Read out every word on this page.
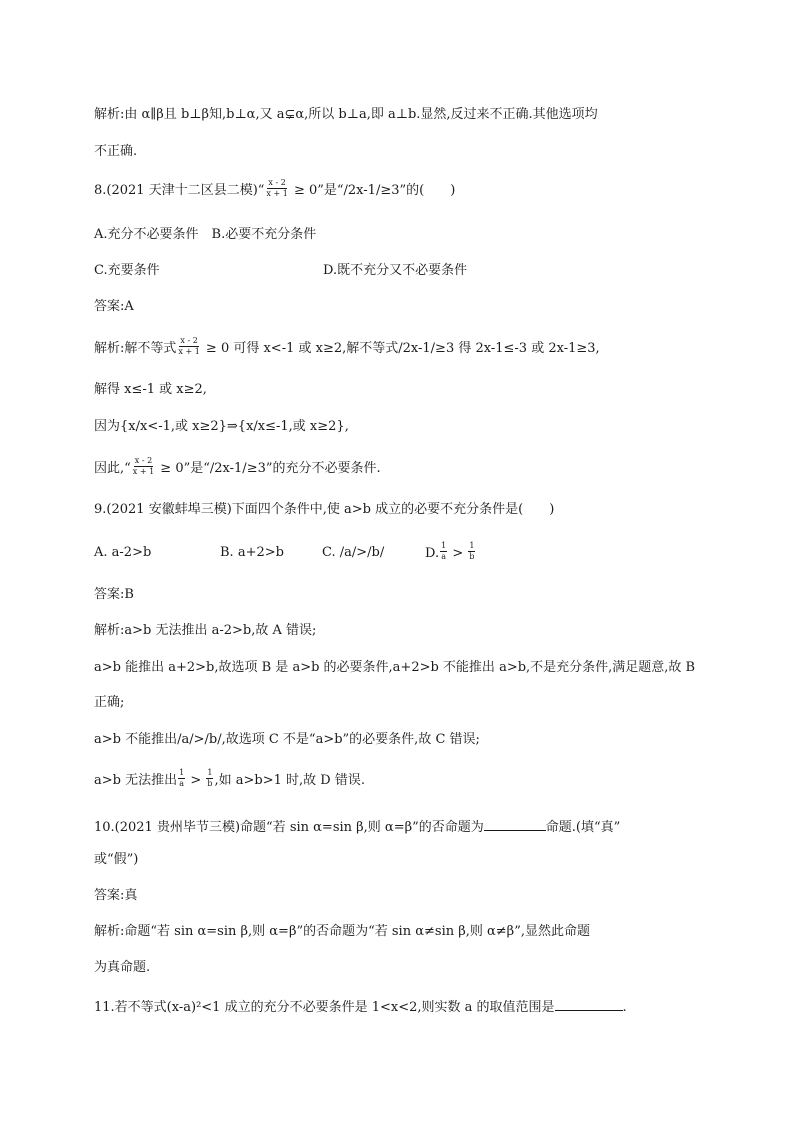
解析:由 α∥β且 b⊥β知,b⊥α,又 a⊊α,所以 b⊥a,即 a⊥b.显然,反过来不正确.其他选项均
不正确.
8.(2021 天津十二区县二模)“ $\frac{x - 2}{x + 1} \ge 0$”是“/2x-1/≥3”的(　　)
A.充分不必要条件　B.必要不充分条件
C.充要条件	D.既不充分又不必要条件
答案:A
解析:解不等式 $\frac{x - 2}{x + 1} \ge 0$ 可得 x<-1 或 x≥2,解不等式/2x-1/≥3 得 2x-1≤-3 或 2x-1≥3,
解得 x≤-1 或 x≥2,
因为{x/x<-1,或 x≥2}⇒{x/x≤-1,或 x≥2},
因此,“ $\frac{x - 2}{x + 1} \ge 0$”是“/2x-1/≥3”的充分不必要条件.
9.(2021 安徽蚌埠三模)下面四个条件中,使 a>b 成立的必要不充分条件是(　　)
A. a-2>b	B. a+2>b	C. /a/>/b/	D. $\frac{1}{a} > \frac{1}{b}$
答案:B
解析:a>b 无法推出 a-2>b,故 A 错误;
a>b 能推出 a+2>b,故选项 B 是 a>b 的必要条件,a+2>b 不能推出 a>b,不是充分条件,满足题意,故 B
正确;
a>b 不能推出/a/>/b/,故选项 C 不是“a>b”的必要条件,故 C 错误;
a>b 无法推出 $\frac{1}{a} > \frac{1}{b}$ ,如 a>b>1 时,故 D 错误.
10.(2021 贵州毕节三模)命题“若 sin α=sin β,则 α=β”的否命题为	命题.(填“真”
或“假”)
答案:真
解析:命题“若 sin α=sin β,则 α=β”的否命题为“若 sin α≠sin β,则 α≠β”,显然此命题
为真命题.
11.若不等式(x-a)²<1 成立的充分不必要条件是 1<x<2,则实数 a 的取值范围是	.
